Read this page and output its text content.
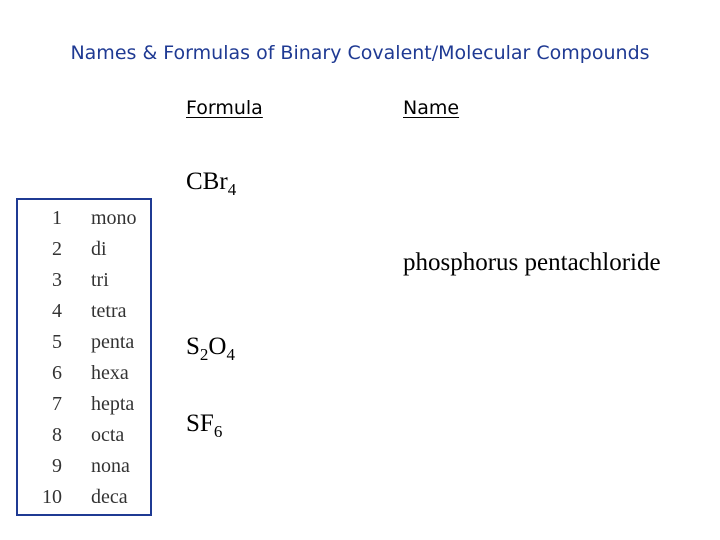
Names & Formulas of Binary Covalent/Molecular Compounds
Formula	Name
CBr$_4$
phosphorus pentachloride
$S_2O_4$
$SF_6$
1 mono
2 di
3 tri
4 tetra
5 penta
6 hexa
7 hepta
8 octa
9 nona
10 deca
